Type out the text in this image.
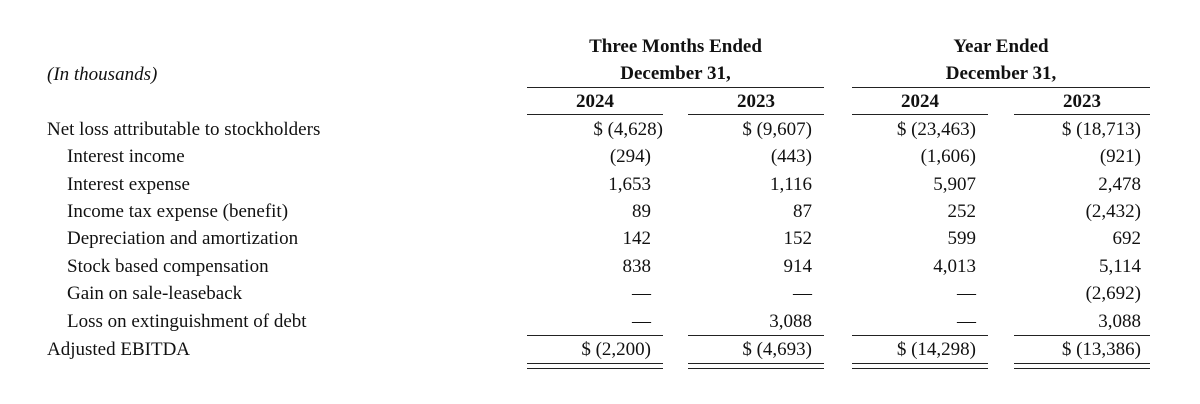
(In thousands)
Three Months Ended
December 31,
Year Ended
December 31,
2024	2023	2024	2023
Net loss attributable to stockholders	$ (4,628)	$ (9,607)	$ (23,463)	$ (18,713)
Interest income	(294)	(443)	(1,606)	(921)
Interest expense	1,653	1,116	5,907	2,478
Income tax expense (benefit)	89	87	252	(2,432)
Depreciation and amortization	142	152	599	692
Stock based compensation	838	914	4,013	5,114
Gain on sale-leaseback	—	—	—	(2,692)
Loss on extinguishment of debt	—	3,088	—	3,088
Adjusted EBITDA	$ (2,200)	$ (4,693)	$ (14,298)	$ (13,386)
